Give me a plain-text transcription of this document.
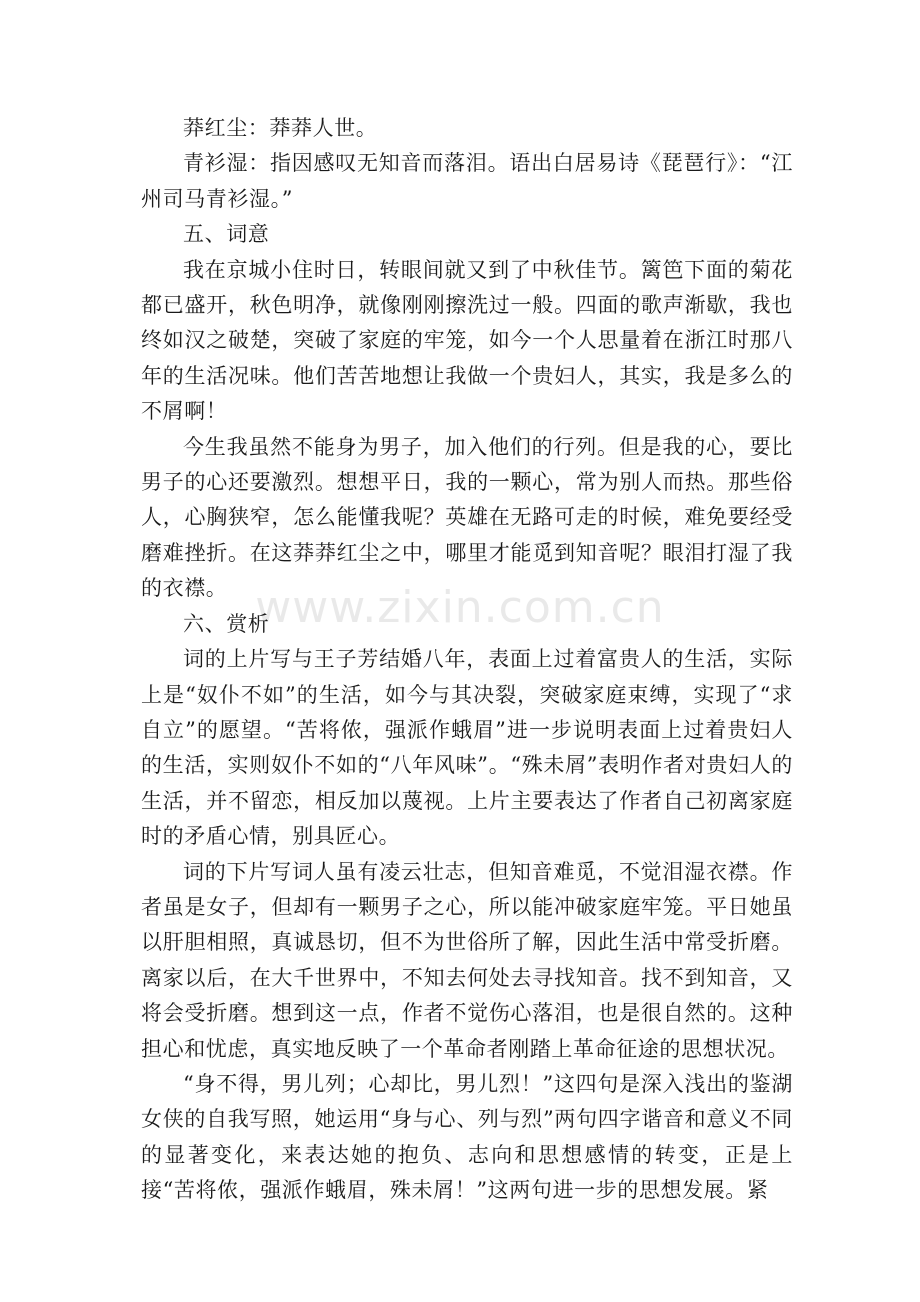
www.zixin.com.cn

莽红尘：莽莽人世。

青衫湿：指因感叹无知音而落泪。语出白居易诗《琵琶行》：“江州司马青衫湿。”

五、词意

我在京城小住时日，转眼间就又到了中秋佳节。篱笆下面的菊花都已盛开，秋色明净，就像刚刚擦洗过一般。四面的歌声渐歇，我也终如汉之破楚，突破了家庭的牢笼，如今一个人思量着在浙江时那八年的生活况味。他们苦苦地想让我做一个贵妇人，其实，我是多么的不屑啊！

今生我虽然不能身为男子，加入他们的行列。但是我的心，要比男子的心还要激烈。想想平日，我的一颗心，常为别人而热。那些俗人，心胸狭窄，怎么能懂我呢？英雄在无路可走的时候，难免要经受磨难挫折。在这莽莽红尘之中，哪里才能觅到知音呢？眼泪打湿了我的衣襟。

六、赏析

词的上片写与王子芳结婚八年，表面上过着富贵人的生活，实际上是“奴仆不如”的生活，如今与其决裂，突破家庭束缚，实现了“求自立”的愿望。“苦将侬，强派作蛾眉”进一步说明表面上过着贵妇人的生活，实则奴仆不如的“八年风味”。“殊未屑”表明作者对贵妇人的生活，并不留恋，相反加以蔑视。上片主要表达了作者自己初离家庭时的矛盾心情，别具匠心。

词的下片写词人虽有凌云壮志，但知音难觅，不觉泪湿衣襟。作者虽是女子，但却有一颗男子之心，所以能冲破家庭牢笼。平日她虽以肝胆相照，真诚恳切，但不为世俗所了解，因此生活中常受折磨。离家以后，在大千世界中，不知去何处去寻找知音。找不到知音，又将会受折磨。想到这一点，作者不觉伤心落泪，也是很自然的。这种担心和忧虑，真实地反映了一个革命者刚踏上革命征途的思想状况。

“身不得，男儿列；心却比，男儿烈！”这四句是深入浅出的鉴湖女侠的自我写照，她运用“身与心、列与烈”两句四字谐音和意义不同的显著变化，来表达她的抱负、志向和思想感情的转变，正是上接“苦将侬，强派作蛾眉，殊未屑！”这两句进一步的思想发展。紧
